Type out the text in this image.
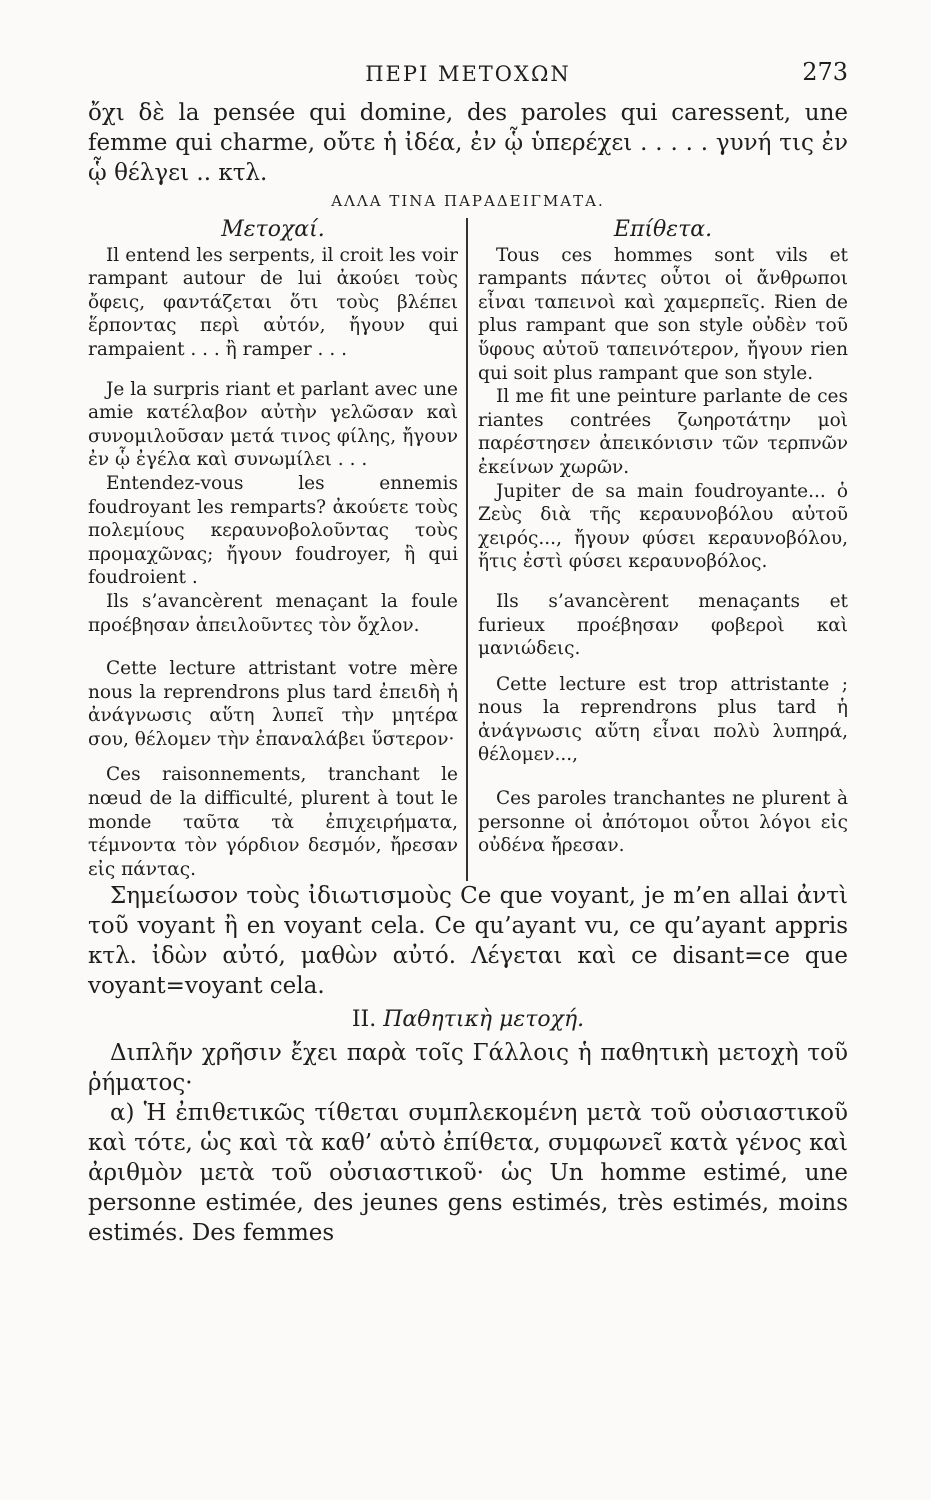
ΠΕΡΙ ΜΕΤΟΧΩΝ	273

ὄχι δὲ la pensée qui domine, des paroles qui caressent, une femme qui charme, οὔτε ἡ ἰδέα, ἐν ᾧ ὑπερέχει . . . . . γυνή τις ἐν ᾧ θέλγει .. κτλ.

ΑΛΛΑ ΤΙΝΑ ΠΑΡΑΔΕΙΓΜΑΤΑ.
Μετοχαί.

Il entend les serpents, il croit les voir rampant autour de lui ἀκούει τοὺς ὄφεις, φαντάζεται ὅτι τοὺς βλέπει ἕρποντας περὶ αὐτόν, ἤγουν qui rampaient . . . ἢ ramper . . .

Je la surpris riant et parlant avec une amie κατέλαβον αὐτὴν γελῶσαν καὶ συνομιλοῦσαν μετά τινος φίλης, ἤγουν ἐν ᾧ ἐγέλα καὶ συνωμίλει . . .

Entendez-vous les ennemis foudroyant les remparts? ἀκούετε τοὺς πολεμίους κεραυνοβολοῦντας τοὺς προμαχῶνας; ἤγουν foudroyer, ἢ qui foudroient .

Ils s’avancèrent menaçant la foule προέβησαν ἀπειλοῦντες τὸν ὄχλον.

Cette lecture attristant votre mère nous la reprendrons plus tard ἐπειδὴ ἡ ἀνάγνωσις αὕτη λυπεῖ τὴν μητέρα σου, θέλομεν τὴν ἐπαναλάβει ὕστερον·

Ces raisonnements, tranchant le nœud de la difficulté, plurent à tout le monde ταῦτα τὰ ἐπιχειρήματα, τέμνοντα τὸν γόρδιον δεσμόν, ἤρεσαν εἰς πάντας.

Επίθετα.

Tous ces hommes sont vils et rampants πάντες οὗτοι οἱ ἄνθρωποι εἶναι ταπεινοὶ καὶ χαμερπεῖς. Rien de plus rampant que son style οὐδὲν τοῦ ὕφους αὐτοῦ ταπεινότερον, ἤγουν rien qui soit plus rampant que son style.

Il me fit une peinture parlante de ces riantes contrées ζωηροτάτην μοὶ παρέστησεν ἀπεικόνισιν τῶν τερπνῶν ἐκείνων χωρῶν.

Jupiter de sa main foudroyante... ὁ Ζεὺς διὰ τῆς κεραυνοβόλου αὐτοῦ χειρός..., ἤγουν φύσει κεραυνοβόλου, ἥτις ἐστὶ φύσει κεραυνοβόλος.

Ils s’avancèrent menaçants et furieux προέβησαν φοβεροὶ καὶ μανιώδεις.

Cette lecture est trop attristante ; nous la reprendrons plus tard ἡ ἀνάγνωσις αὕτη εἶναι πολὺ λυπηρά, θέλομεν...,

Ces paroles tranchantes ne plurent à personne οἱ ἀπότομοι οὗτοι λόγοι εἰς οὐδένα ἤρεσαν.

Σημείωσον τοὺς ἰδιωτισμοὺς Ce que voyant, je m’en allai ἀντὶ τοῦ voyant ἢ en voyant cela. Ce qu’ayant vu, ce qu’ayant appris κτλ. ἰδὼν αὐτό, μαθὼν αὐτό. Λέγεται καὶ ce disant=ce que voyant=voyant cela.

II. Παθητικὴ μετοχή.

Διπλῆν χρῆσιν ἔχει παρὰ τοῖς Γάλλοις ἡ παθητικὴ μετοχὴ τοῦ ῥήματος·

α) Ἡ ἐπιθετικῶς τίθεται συμπλεκομένη μετὰ τοῦ οὐσιαστικοῦ καὶ τότε, ὡς καὶ τὰ καθ’ αὑτὸ ἐπίθετα, συμφωνεῖ κατὰ γένος καὶ ἀριθμὸν μετὰ τοῦ οὐσιαστικοῦ· ὡς Un homme estimé, une personne estimée, des jeunes gens estimés, très estimés, moins estimés. Des femmes
